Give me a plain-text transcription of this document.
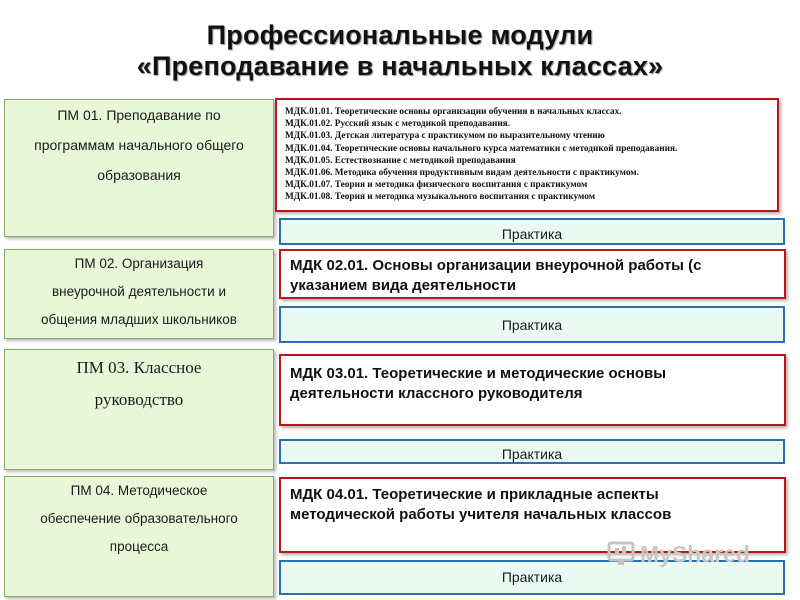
Профессиональные модули
«Преподавание в начальных классах»
ПМ 01. Преподавание по
программам начального общего
образования
МДК.01.01. Теоретические основы организации обучения в начальных классах.
МДК.01.02. Русский язык с методикой преподавания.
МДК.01.03. Детская литература с практикумом по выразительному чтению
МДК.01.04. Теоретические основы начального курса математики с методикой преподавания.
МДК.01.05. Естествознание с методикой преподавания
МДК.01.06. Методика обучения продуктивным видам деятельности с практикумом.
МДК.01.07. Теория и методика физического воспитания с практикумом
МДК.01.08. Теория и методика музыкального воспитания с практикумом
Практика
ПМ 02. Организация
внеурочной деятельности и
общения младших школьников
МДК 02.01. Основы организации внеурочной работы (с
указанием вида деятельности
Практика
ПМ 03. Классное
руководство
МДК 03.01. Теоретические и методические основы
деятельности классного руководителя
Практика
ПМ 04. Методическое
обеспечение образовательного
процесса
МДК 04.01. Теоретические и прикладные аспекты
методической работы учителя начальных классов
Практика
MyShared
